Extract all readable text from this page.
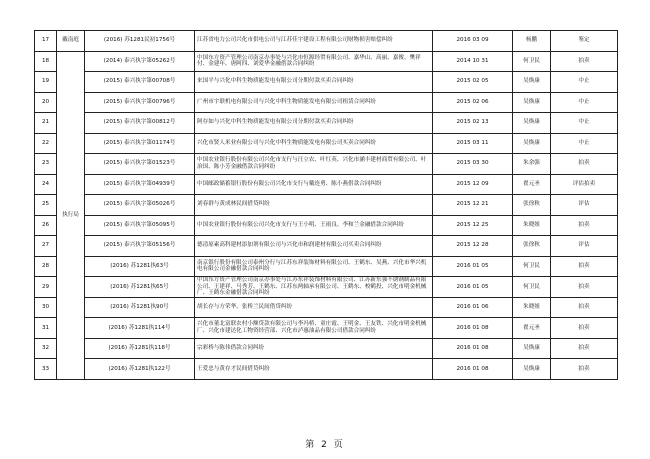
17	戴南庭	(2016) 苏1281民初1756号	江苏省电力公司兴化市供电公司与江苏佳宇建设工程有限公司财物损害赔偿纠纷	2016 03 09	杨鹏	鉴定
18	执行局	(2014) 泰兴执字第05262号	中国东方资产管理公司南京办事处与兴化市恒源经贸有限公司、嘉华山、高丽、嘉俊、樊祥付、金建年、唐阿四、刘爱华金融借款合同纠纷	2014 10 31	何卫民	拍卖
19		(2015) 泰兴执字第00708号	来国平与兴化中科生物质能发电有限公司分期付款买卖合同纠纷	2015 02 05	吴焕康	中止
20		(2015) 泰兴执字第00796号	广州市宇联机电有限公司与兴化中科生物质能发电有限公司租赁合同纠纷	2015 02 06	吴焕康	中止
21		(2015) 泰兴执字第00812号	阿存如与兴化中科生物质能发电有限公司分期付款买卖合同纠纷	2015 02 13	吴焕康	中止
22		(2015) 泰兴执字第01174号	兴化市贤人米业有限公司与兴化中科生物质能发电有限公司买卖合同纠纷	2015 03 11	吴焕康	中止
23		(2015) 泰兴执字第01523号	中国农业银行股份有限公司兴化市支行与汪立农、叶红英、兴化市涵丰建材商贸有限公司、叶治国、陈小芳金融借款合同纠纷	2015 03 30	朱余强	拍卖
24		(2015) 泰兴执字第04939号	中国邮政储蓄银行股份有限公司兴化市支行与戴连勇、陈小燕借款合同纠纷	2015 12 09	翟元圣	评估拍卖
25		(2015) 泰兴执字第05026号	刘春群与黄成林民间借贷纠纷	2015 12 21	张徐秋	评估
26		(2015) 泰兴执字第05095号	中国农业银行股份有限公司兴化市支行与王小明、王雨良、李和兰金融借款合同纠纷	2015 12 25	朱晓姐	拍卖
27		(2015) 泰兴执字第05156号	德清原素高科建材添加剂有限公司与兴化市和润建材有限公司买卖合同纠纷	2015 12 28	张徐秋	评估
28		(2016) 苏1281执63号	南京银行股份有限公司泰州分行与江苏东祥装饰材料有限公司、王鹤东、吴燕、兴化市华兴机电有限公司金融借款合同纠纷	2016 01 05	何卫民	拍卖
29		(2016) 苏1281执65号	中国东方资产管理公司南京办事处与江苏东祥装饰材料有限公司、江苏新东强不锈钢制品有限公司、王建祥、马秀芳、王鹤东、江苏东两轴承有限公司、王鹤东、校鹤投、兴化市明金机械厂、王鹤东金融借款合同纠纷	2016 01 05	何卫民	拍卖
30		(2016) 苏1281执90号	胡长存与方荣华、张桥兰民间借贷纠纷	2016 01 06	朱晓姐	拍卖
31		(2016) 苏1281执114号	兴化市董北富联农村小额贷款有限公司与李冯桥、童庄霞、王明金、王友铁、兴化市明金机械厂、兴化市建达化工物资经营部、兴化市泸惠油品有限公司借款合同纠纷	2016 01 08	翟元圣	拍卖
32		(2016) 苏1281执118号	宗彩桥与陈伟借款合同纠纷	2016 01 08	吴焕康	拍卖
33		(2016) 苏1281执122号	王爱忠与黄存才民间借贷纠纷	2016 01 08	吴焕康	拍卖
第 2 页
